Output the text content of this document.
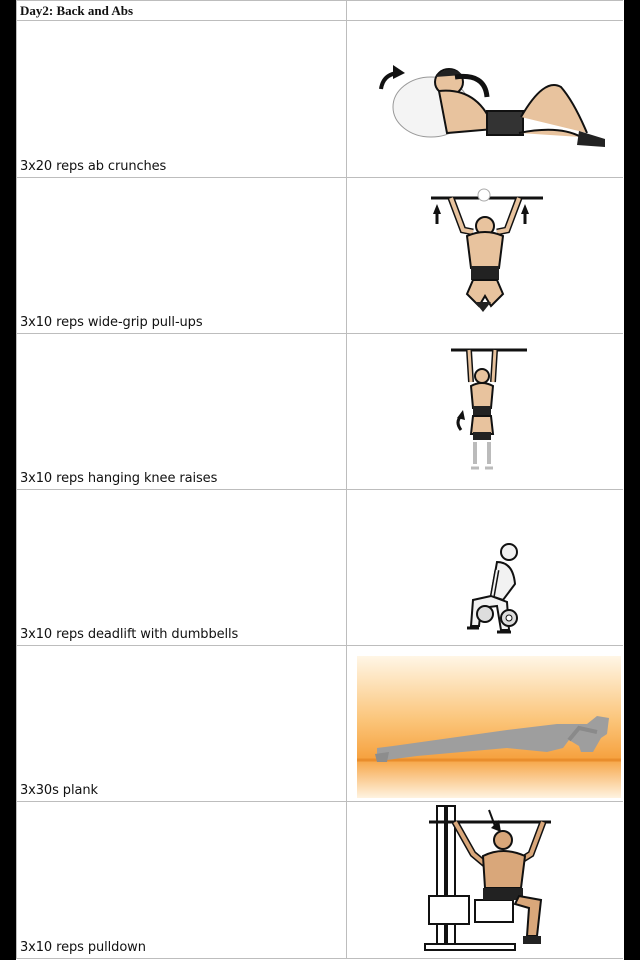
Day2: Back and Abs
3x20 reps ab crunches
3x10 reps wide-grip pull-ups
3x10 reps hanging knee raises
3x10 reps deadlift with dumbbells
3x30s plank
3x10 reps pulldown
